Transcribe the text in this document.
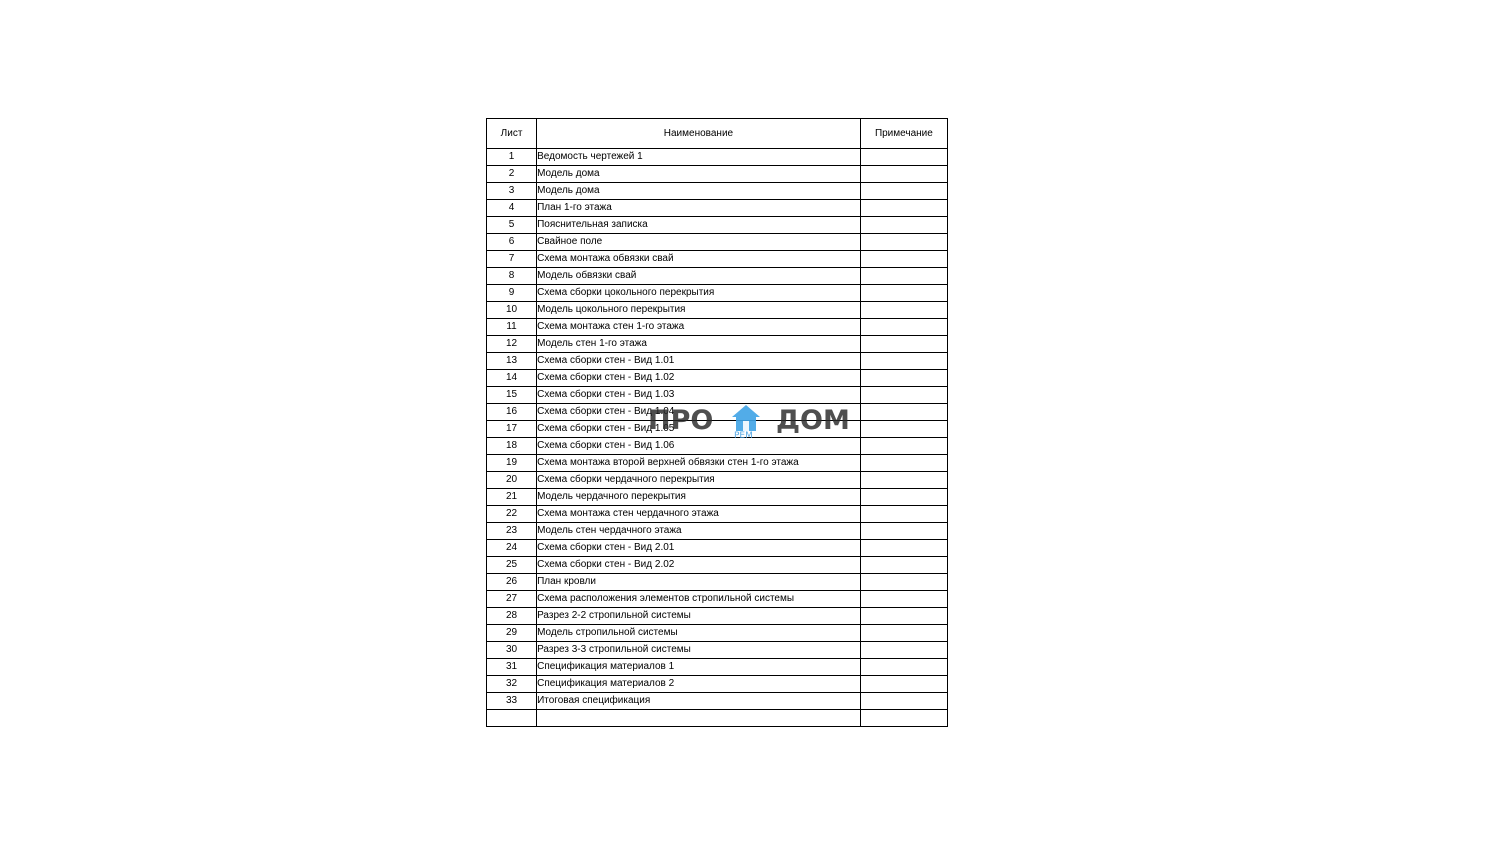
Лист	Наименование	Примечание
1	Ведомость чертежей 1	
2	Модель дома	
3	Модель дома	
4	План 1-го этажа	
5	Пояснительная записка	
6	Свайное поле	
7	Схема монтажа обвязки свай	
8	Модель обвязки свай	
9	Схема сборки цокольного перекрытия	
10	Модель цокольного перекрытия	
11	Схема монтажа стен 1-го этажа	
12	Модель стен 1-го этажа	
13	Схема сборки стен - Вид 1.01	
14	Схема сборки стен - Вид 1.02	
15	Схема сборки стен - Вид 1.03	
16	Схема сборки стен - Вид 1.04	
17	Схема сборки стен - Вид 1.05	
18	Схема сборки стен - Вид 1.06	
19	Схема монтажа второй верхней обвязки стен 1-го этажа	
20	Схема сборки чердачного перекрытия	
21	Модель чердачного перекрытия	
22	Схема монтажа стен чердачного этажа	
23	Модель стен чердачного этажа	
24	Схема сборки стен - Вид 2.01	
25	Схема сборки стен - Вид 2.02	
26	План кровли	
27	Схема расположения элементов стропильной системы	
28	Разрез 2-2 стропильной системы	
29	Модель стропильной системы	
30	Разрез 3-3 стропильной системы	
31	Спецификация материалов 1	
32	Спецификация материалов 2	
33	Итоговая спецификация	

ПРО РЕМ ДОМ
